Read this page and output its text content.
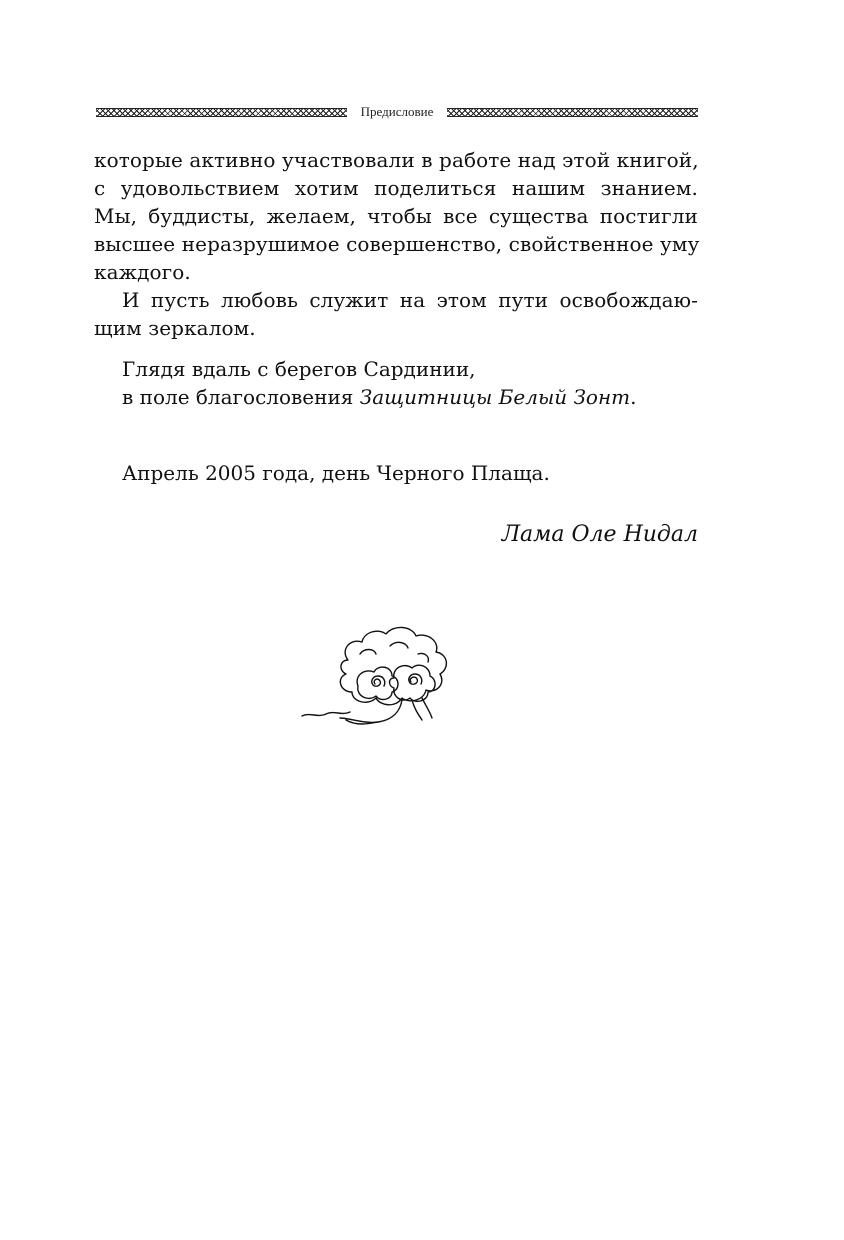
Предисловие

которые активно участвовали в работе над этой книгой,
с удовольствием хотим поделиться нашим знанием.
Мы, буддисты, желаем, чтобы все существа постигли
высшее неразрушимое совершенство, свойственное уму
каждого.

И пусть любовь служит на этом пути освобождаю-
щим зеркалом.

Глядя вдаль с берегов Сардинии,
в поле благословения Защитницы Белый Зонт.
Апрель 2005 года, день Черного Плаща.
Лама Оле Нидал
